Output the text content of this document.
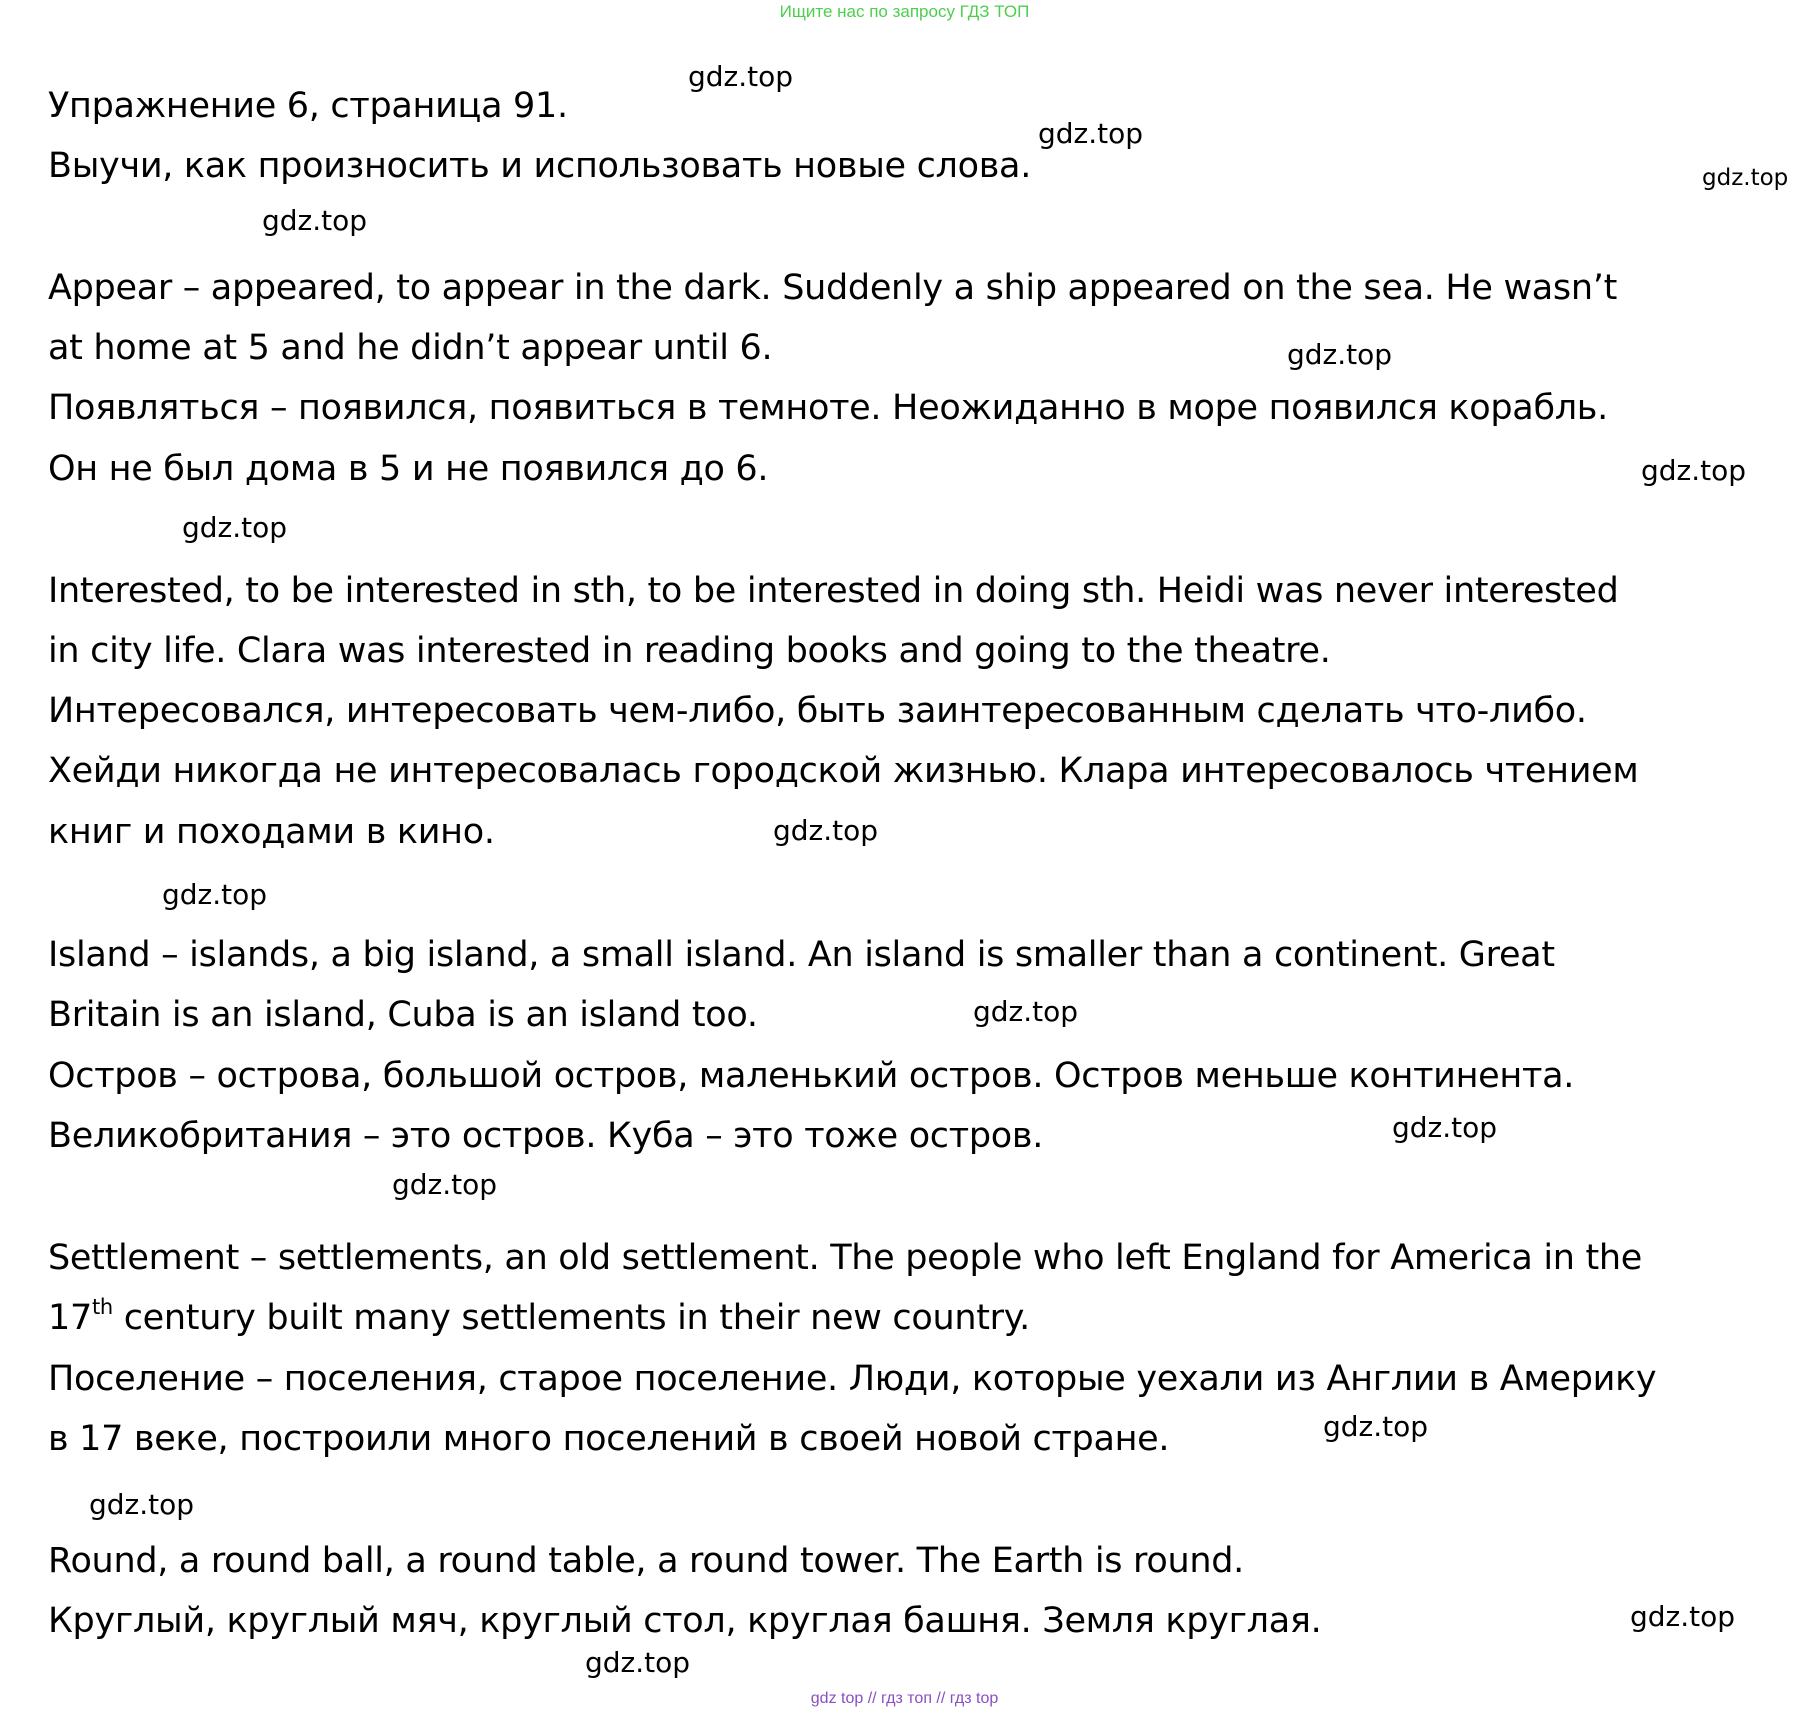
Ищите нас по запросу ГДЗ ТОП
Упражнение 6, страница 91.
Выучи, как произносить и использовать новые слова.
Appear – appeared, to appear in the dark. Suddenly a ship appeared on the sea. He wasn’t
at home at 5 and he didn’t appear until 6.
Появляться – появился, появиться в темноте. Неожиданно в море появился корабль.
Он не был дома в 5 и не появился до 6.
Interested, to be interested in sth, to be interested in doing sth. Heidi was never interested
in city life. Clara was interested in reading books and going to the theatre.
Интересовался, интересовать чем-либо, быть заинтересованным сделать что-либо.
Хейди никогда не интересовалась городской жизнью. Клара интересовалось чтением
книг и походами в кино.
Island – islands, a big island, a small island. An island is smaller than a continent. Great
Britain is an island, Cuba is an island too.
Остров – острова, большой остров, маленький остров. Остров меньше континента.
Великобритания – это остров. Куба – это тоже остров.
Settlement – settlements, an old settlement. The people who left England for America in the
17th century built many settlements in their new country.
Поселение – поселения, старое поселение. Люди, которые уехали из Англии в Америку
в 17 веке, построили много поселений в своей новой стране.
Round, a round ball, a round table, a round tower. The Earth is round.
Круглый, круглый мяч, круглый стол, круглая башня. Земля круглая.
gdz.top
gdz.top
gdz.top
gdz.top
gdz.top
gdz.top
gdz.top
gdz.top
gdz.top
gdz.top
gdz.top
gdz.top
gdz.top
gdz.top
gdz.top
gdz.top
gdz top // гдз топ // гдз top
